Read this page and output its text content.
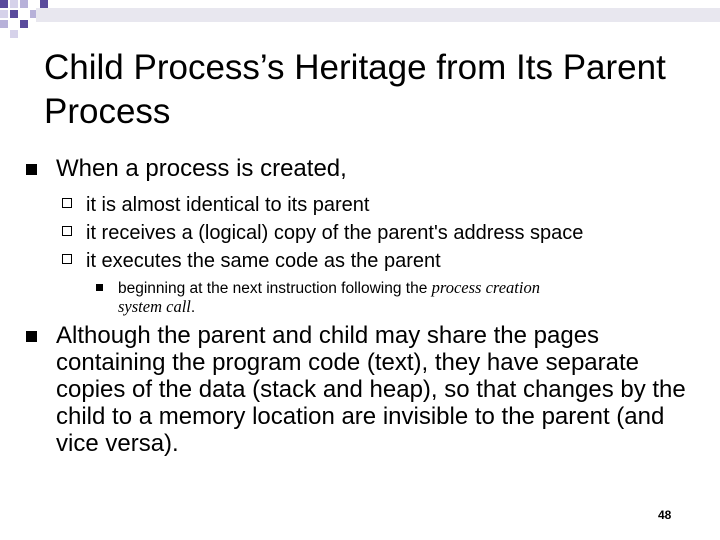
Child Process’s Heritage from Its Parent Process
When a process is created,
it is almost identical to its parent
it receives a (logical) copy of the parent's address space
it executes the same code as the parent
beginning at the next instruction following the process creation
system call.
Although the parent and child may share the pages containing the program code (text), they have separate copies of the data (stack and heap), so that changes by the child to a memory location are invisible to the parent (and vice versa).
48
